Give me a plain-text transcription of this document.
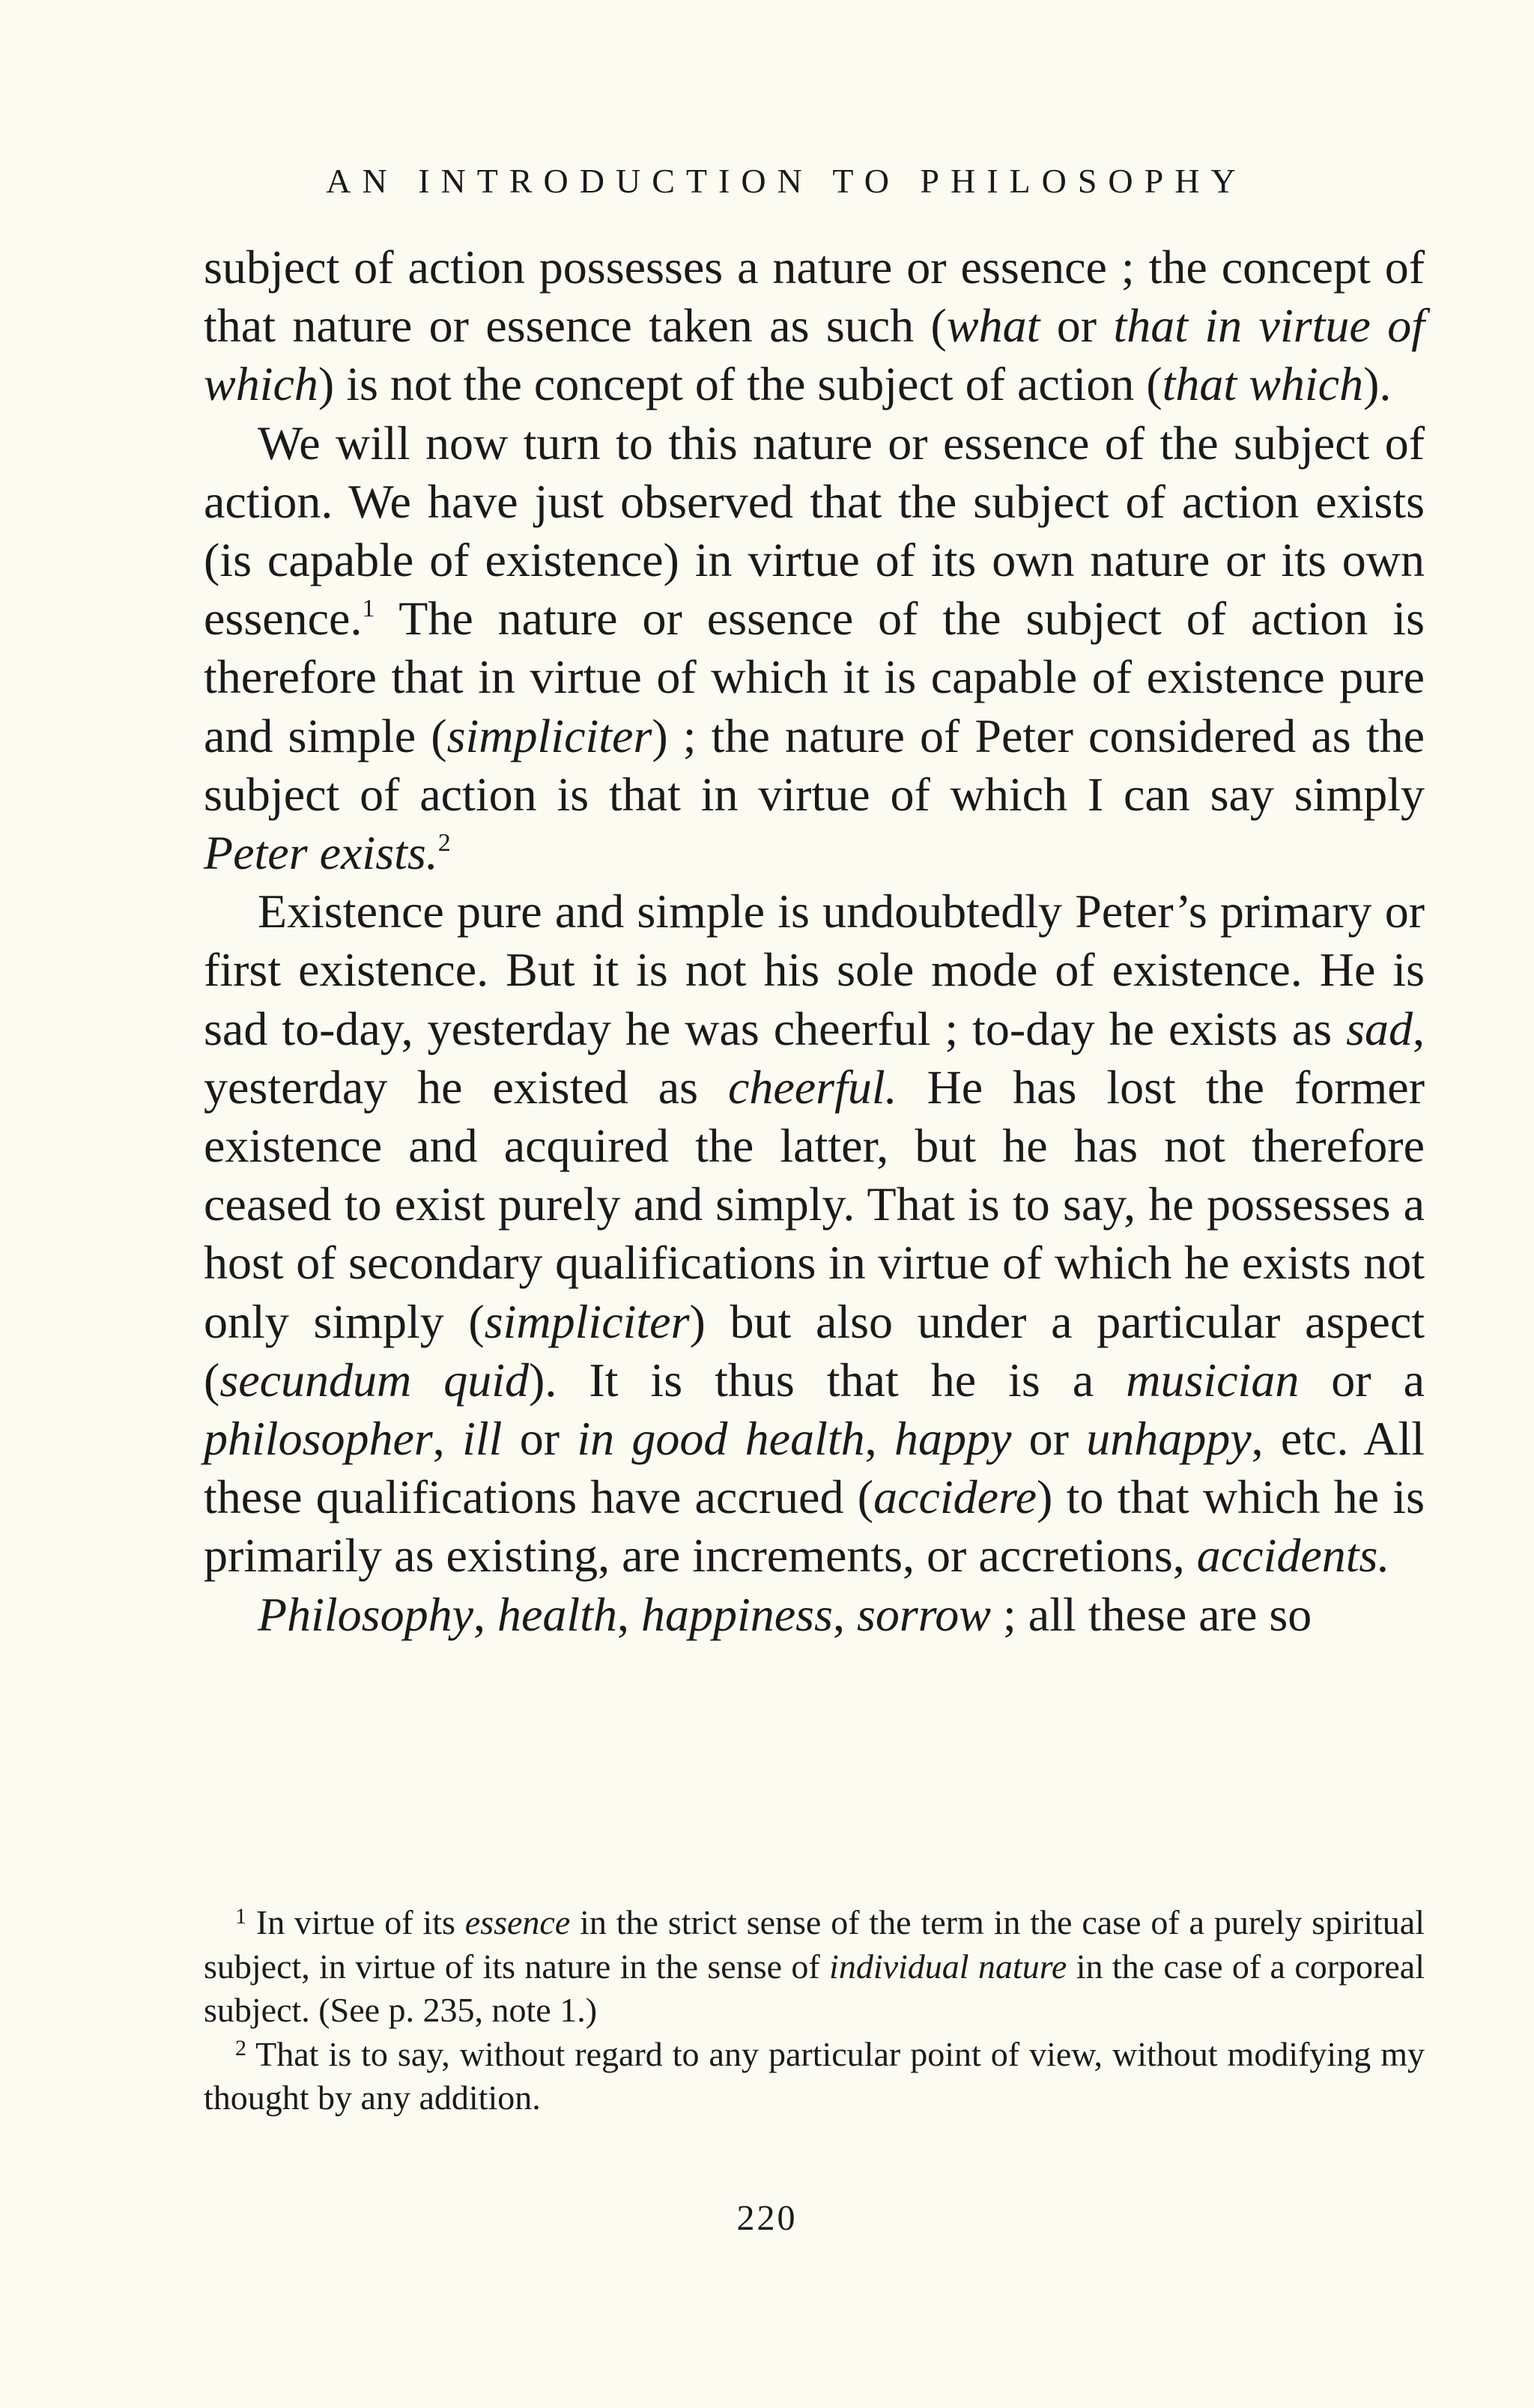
AN INTRODUCTION TO PHILOSOPHY

subject of action possesses a nature or essence ; the concept of that nature or essence taken as such (what or that in virtue of which) is not the concept of the subject of action (that which).

We will now turn to this nature or essence of the subject of action. We have just observed that the subject of action exists (is capable of existence) in virtue of its own nature or its own essence.$^1$ The nature or essence of the subject of action is therefore that in virtue of which it is capable of existence pure and simple (simpliciter) ; the nature of Peter considered as the subject of action is that in virtue of which I can say simply Peter exists.$^2$

Existence pure and simple is undoubtedly Peter’s primary or first existence. But it is not his sole mode of existence. He is sad to-day, yesterday he was cheerful ; to-day he exists as sad, yesterday he existed as cheerful. He has lost the former existence and acquired the latter, but he has not therefore ceased to exist purely and simply. That is to say, he possesses a host of secondary qualifications in virtue of which he exists not only simply (simpliciter) but also under a particular aspect (secundum quid). It is thus that he is a musician or a philosopher, ill or in good health, happy or unhappy, etc. All these qualifications have accrued (accidere) to that which he is primarily as existing, are increments, or accretions, accidents.

Philosophy, health, happiness, sorrow ; all these are so

$^1$ In virtue of its essence in the strict sense of the term in the case of a purely spiritual subject, in virtue of its nature in the sense of individual nature in the case of a corporeal subject. (See p. 235, note 1.)

$^2$ That is to say, without regard to any particular point of view, without modifying my thought by any addition.

220
